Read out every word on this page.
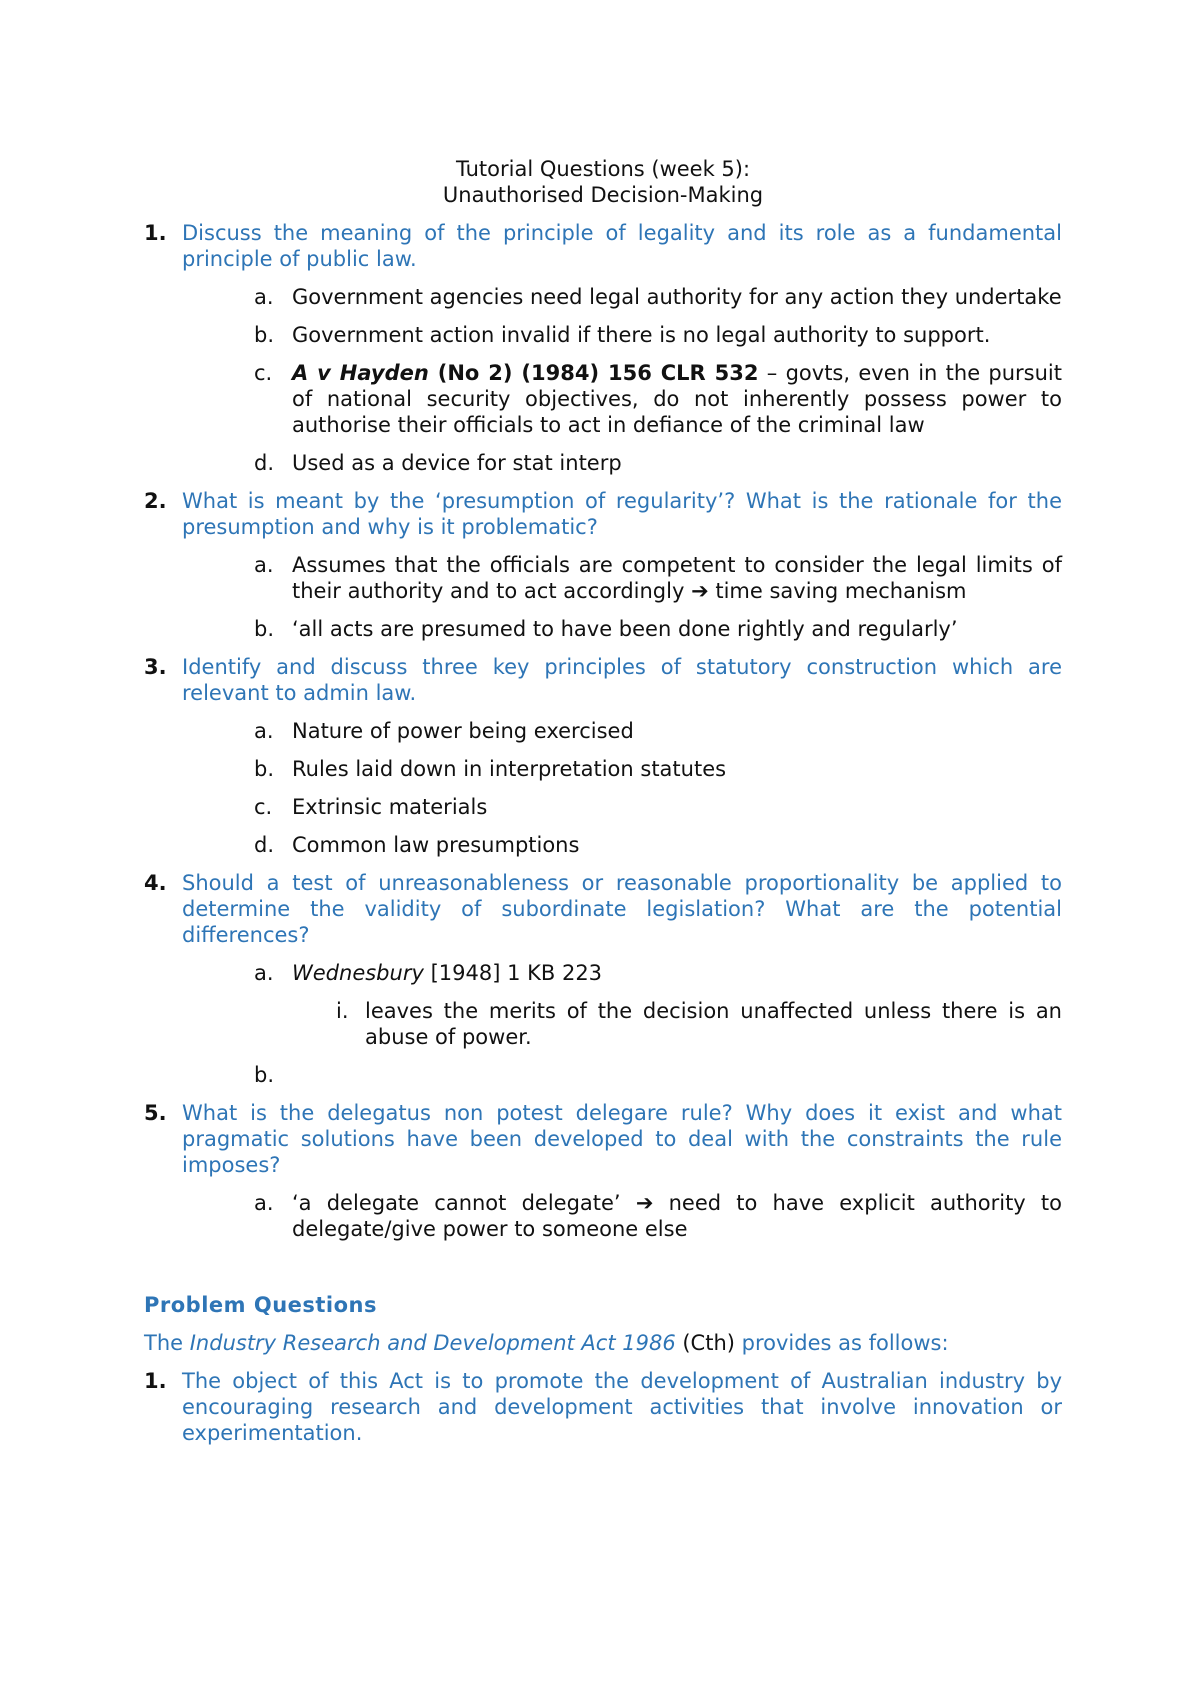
Tutorial Questions (week 5):
Unauthorised Decision-Making
1. Discuss the meaning of the principle of legality and its role as a fundamental principle of public law.
a. Government agencies need legal authority for any action they undertake
b. Government action invalid if there is no legal authority to support.
c. A v Hayden (No 2) (1984) 156 CLR 532 – govts, even in the pursuit of national security objectives, do not inherently possess power to authorise their officials to act in defiance of the criminal law
d. Used as a device for stat interp
2. What is meant by the ‘presumption of regularity’? What is the rationale for the presumption and why is it problematic?
a. Assumes that the officials are competent to consider the legal limits of their authority and to act accordingly ➔ time saving mechanism
b. ‘all acts are presumed to have been done rightly and regularly’
3. Identify and discuss three key principles of statutory construction which are relevant to admin law.
a. Nature of power being exercised
b. Rules laid down in interpretation statutes
c. Extrinsic materials
d. Common law presumptions
4. Should a test of unreasonableness or reasonable proportionality be applied to determine the validity of subordinate legislation? What are the potential differences?
a. Wednesbury [1948] 1 KB 223
i. leaves the merits of the decision unaffected unless there is an abuse of power.
b.

5. What is the delegatus non potest delegare rule? Why does it exist and what pragmatic solutions have been developed to deal with the constraints the rule imposes?
a. ‘a delegate cannot delegate’ ➔ need to have explicit authority to delegate/give power to someone else
Problem Questions
The Industry Research and Development Act 1986 (Cth) provides as follows:
1. The object of this Act is to promote the development of Australian industry by encouraging research and development activities that involve innovation or experimentation.
